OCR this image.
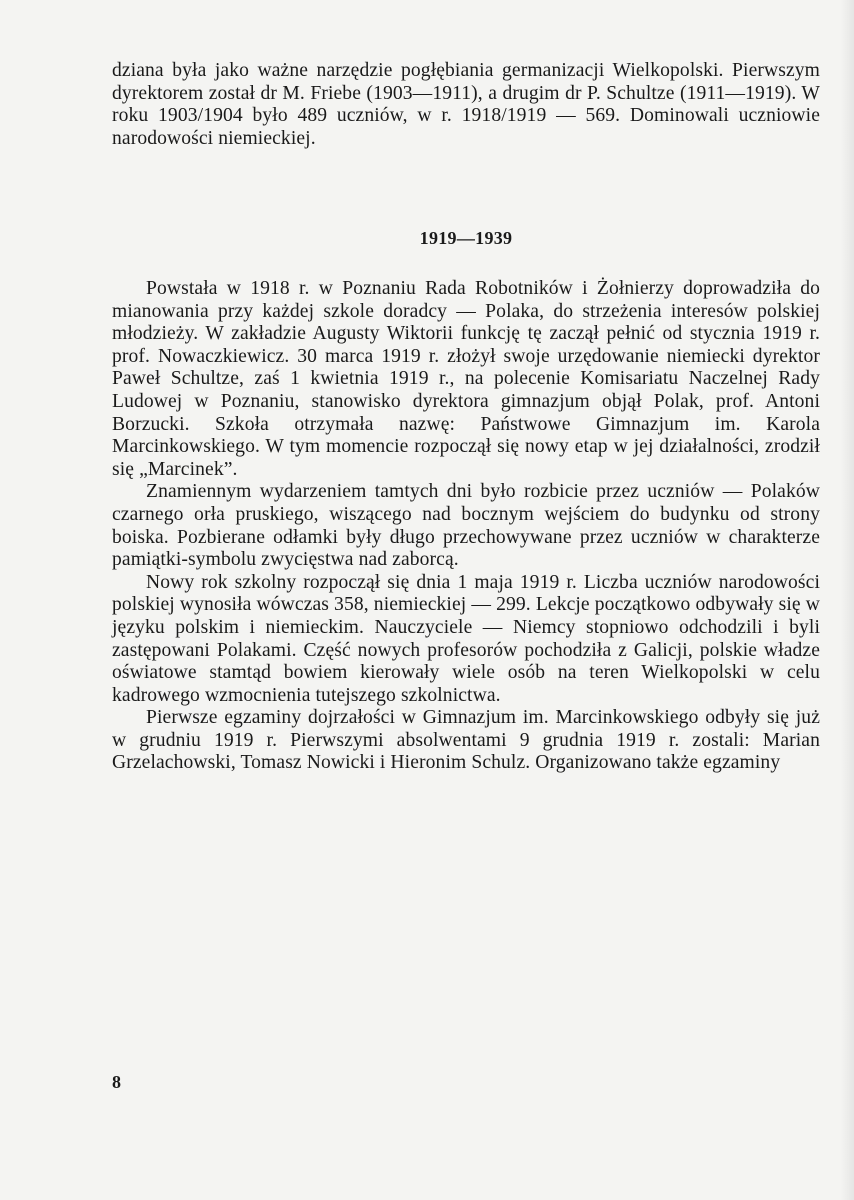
dziana była jako ważne narzędzie pogłębiania germanizacji Wielkopolski. Pierwszym dyrektorem został dr M. Friebe (1903—1911), a drugim dr P. Schultze (1911—1919). W roku 1903/1904 było 489 uczniów, w r. 1918/1919 — 569. Dominowali uczniowie narodowości niemieckiej.

1919—1939

Powstała w 1918 r. w Poznaniu Rada Robotników i Żołnierzy doprowadziła do mianowania przy każdej szkole doradcy — Polaka, do strzeżenia interesów polskiej młodzieży. W zakładzie Augusty Wiktorii funkcję tę zaczął pełnić od stycznia 1919 r. prof. Nowaczkiewicz. 30 marca 1919 r. złożył swoje urzędowanie niemiecki dyrektor Paweł Schultze, zaś 1 kwietnia 1919 r., na polecenie Komisariatu Naczelnej Rady Ludowej w Poznaniu, stanowisko dyrektora gimnazjum objął Polak, prof. Antoni Borzucki. Szkoła otrzymała nazwę: Państwowe Gimnazjum im. Karola Marcinkowskiego. W tym momencie rozpoczął się nowy etap w jej działalności, zrodził się „Marcinek”.

Znamiennym wydarzeniem tamtych dni było rozbicie przez uczniów — Polaków czarnego orła pruskiego, wiszącego nad bocznym wejściem do budynku od strony boiska. Pozbierane odłamki były długo przechowywane przez uczniów w charakterze pamiątki-symbolu zwycięstwa nad zaborcą.

Nowy rok szkolny rozpoczął się dnia 1 maja 1919 r. Liczba uczniów narodowości polskiej wynosiła wówczas 358, niemieckiej — 299. Lekcje początkowo odbywały się w języku polskim i niemieckim. Nauczyciele — Niemcy stopniowo odchodzili i byli zastępowani Polakami. Część nowych profesorów pochodziła z Galicji, polskie władze oświatowe stamtąd bowiem kierowały wiele osób na teren Wielkopolski w celu kadrowego wzmocnienia tutejszego szkolnictwa.

Pierwsze egzaminy dojrzałości w Gimnazjum im. Marcinkowskiego odbyły się już w grudniu 1919 r. Pierwszymi absolwentami 9 grudnia 1919 r. zostali: Marian Grzelachowski, Tomasz Nowicki i Hieronim Schulz. Organizowano także egzaminy

8
